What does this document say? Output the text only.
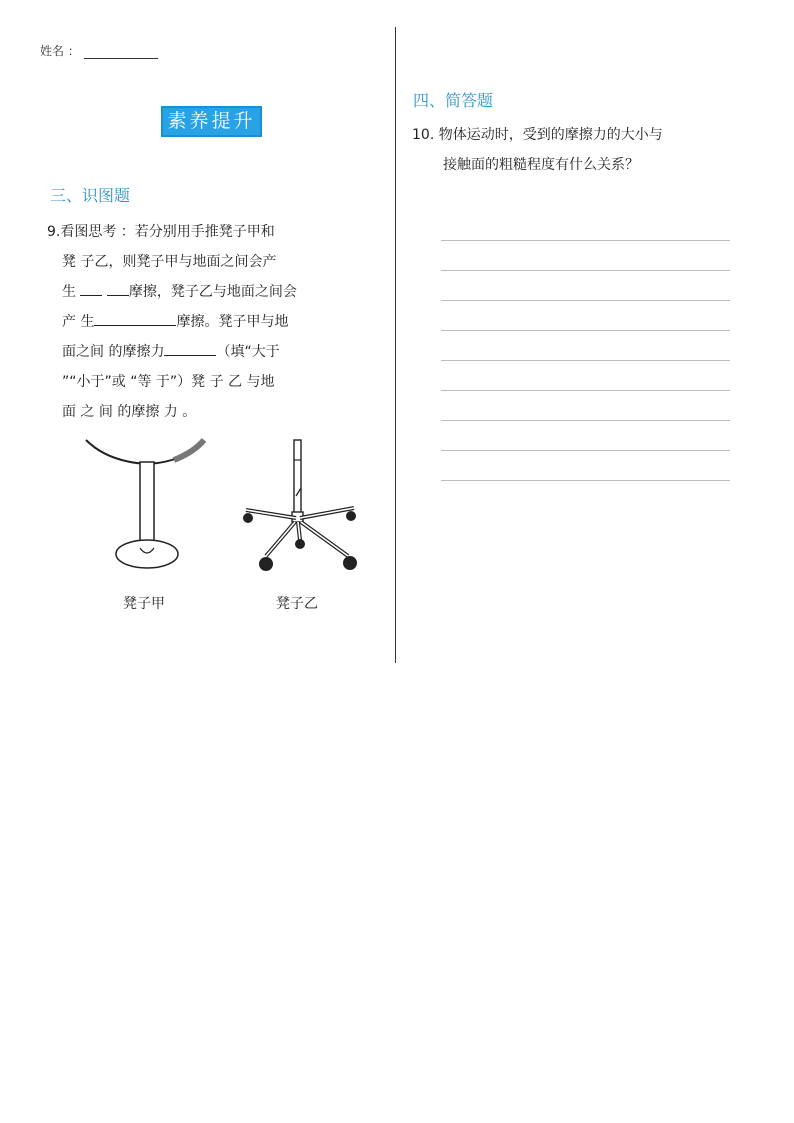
姓名 ：
素养提升
三、识图题
9.看图思考 ：若分别用手推凳子甲和
凳 子乙，则凳子甲与地面之间会产
生	摩擦，凳子乙与地面之间会
产 生	摩擦。凳子甲与地
面之间 的摩擦力	（填“大于
”“小于”或 “等 于”）凳 子 乙 与地
面 之 间 的摩擦 力 。
凳子甲	凳子乙
四、简答题
10. 物体运动时，受到的摩擦力的大小与
接触面的粗糙程度有什么关系？
